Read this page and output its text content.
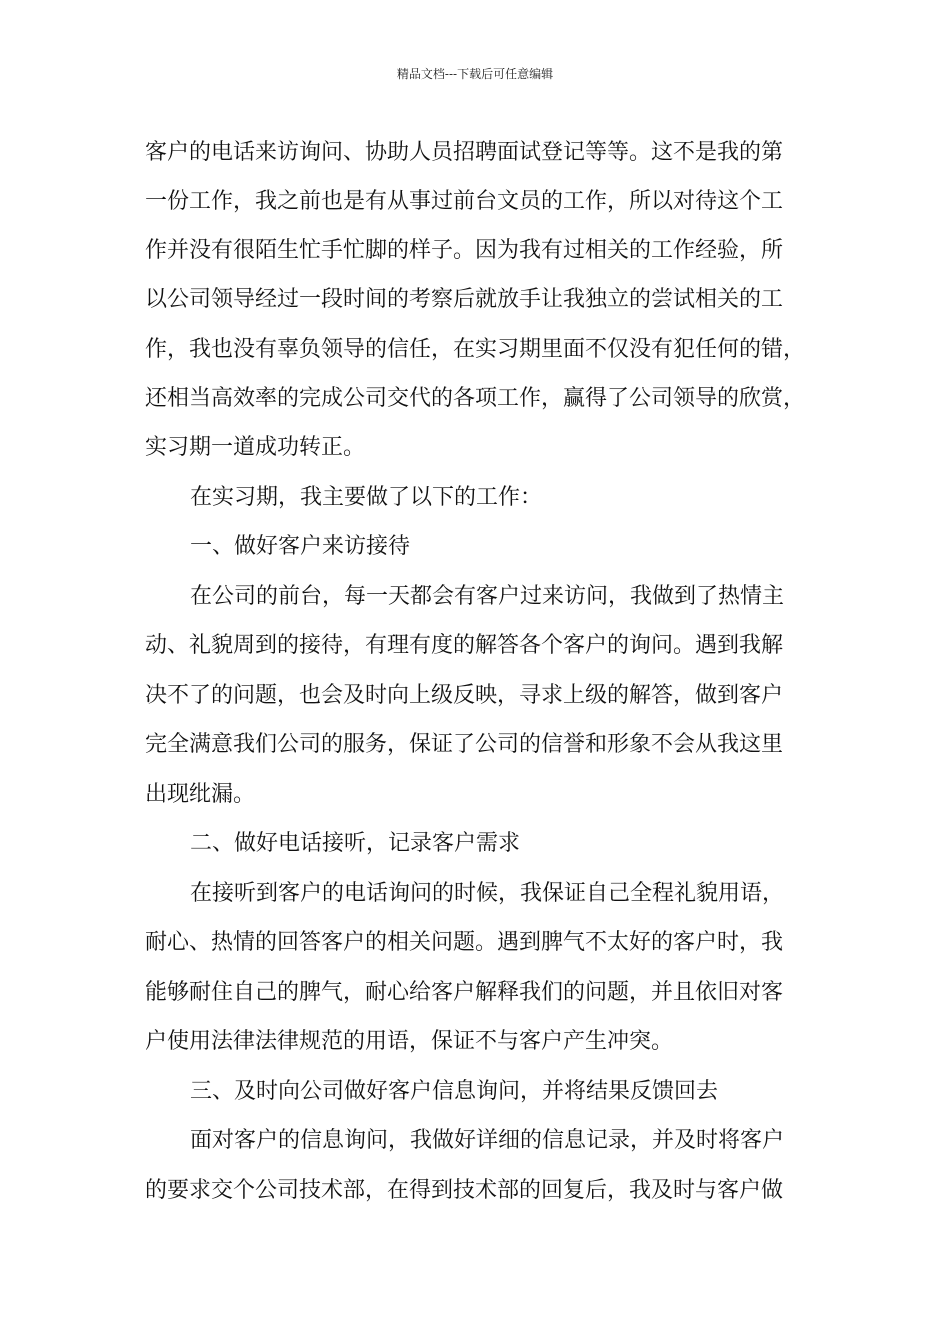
精品文档---下载后可任意编辑
客户的电话来访询问、协助人员招聘面试登记等等。这不是我的第
一份工作，我之前也是有从事过前台文员的工作，所以对待这个工
作并没有很陌生忙手忙脚的样子。因为我有过相关的工作经验，所
以公司领导经过一段时间的考察后就放手让我独立的尝试相关的工
作，我也没有辜负领导的信任，在实习期里面不仅没有犯任何的错，
还相当高效率的完成公司交代的各项工作，赢得了公司领导的欣赏，
实习期一道成功转正。
在实习期，我主要做了以下的工作：
一、做好客户来访接待
在公司的前台，每一天都会有客户过来访问，我做到了热情主
动、礼貌周到的接待，有理有度的解答各个客户的询问。遇到我解
决不了的问题，也会及时向上级反映，寻求上级的解答，做到客户
完全满意我们公司的服务，保证了公司的信誉和形象不会从我这里
出现纰漏。
二、做好电话接听，记录客户需求
在接听到客户的电话询问的时候，我保证自己全程礼貌用语，
耐心、热情的回答客户的相关问题。遇到脾气不太好的客户时，我
能够耐住自己的脾气，耐心给客户解释我们的问题，并且依旧对客
户使用法律法律规范的用语，保证不与客户产生冲突。
三、及时向公司做好客户信息询问，并将结果反馈回去
面对客户的信息询问，我做好详细的信息记录，并及时将客户
的要求交个公司技术部，在得到技术部的回复后，我及时与客户做
